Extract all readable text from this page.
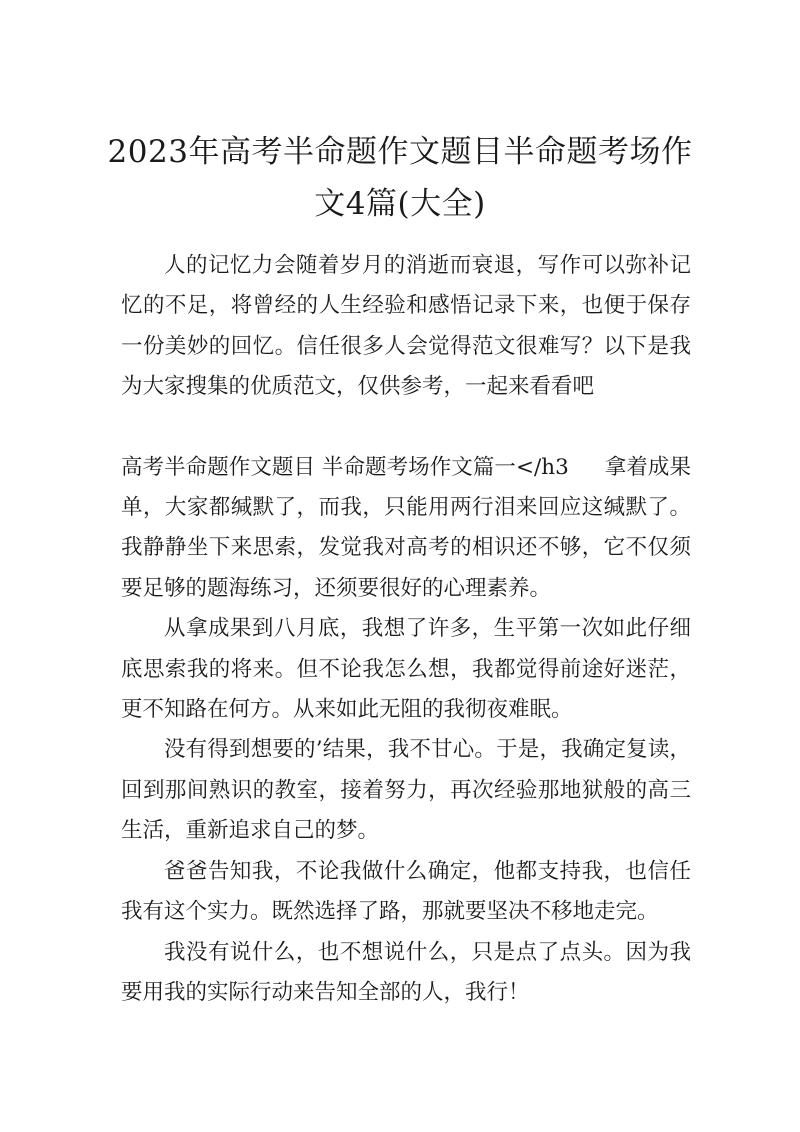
2023年高考半命题作文题目半命题考场作
文4篇(大全)

人的记忆力会随着岁月的消逝而衰退，写作可以弥补记忆的不足，将曾经的人生经验和感悟记录下来，也便于保存一份美妙的回忆。信任很多人会觉得范文很难写？以下是我为大家搜集的优质范文，仅供参考，一起来看看吧

高考半命题作文题目 半命题考场作文篇一</h3 拿着成果单，大家都缄默了，而我，只能用两行泪来回应这缄默了。我静静坐下来思索，发觉我对高考的相识还不够，它不仅须要足够的题海练习，还须要很好的心理素养。

从拿成果到八月底，我想了许多，生平第一次如此仔细底思索我的将来。但不论我怎么想，我都觉得前途好迷茫，更不知路在何方。从来如此无阻的我彻夜难眠。

没有得到想要的’结果，我不甘心。于是，我确定复读，回到那间熟识的教室，接着努力，再次经验那地狱般的高三生活，重新追求自己的梦。

爸爸告知我，不论我做什么确定，他都支持我，也信任我有这个实力。既然选择了路，那就要坚决不移地走完。

我没有说什么，也不想说什么，只是点了点头。因为我要用我的实际行动来告知全部的人，我行！
